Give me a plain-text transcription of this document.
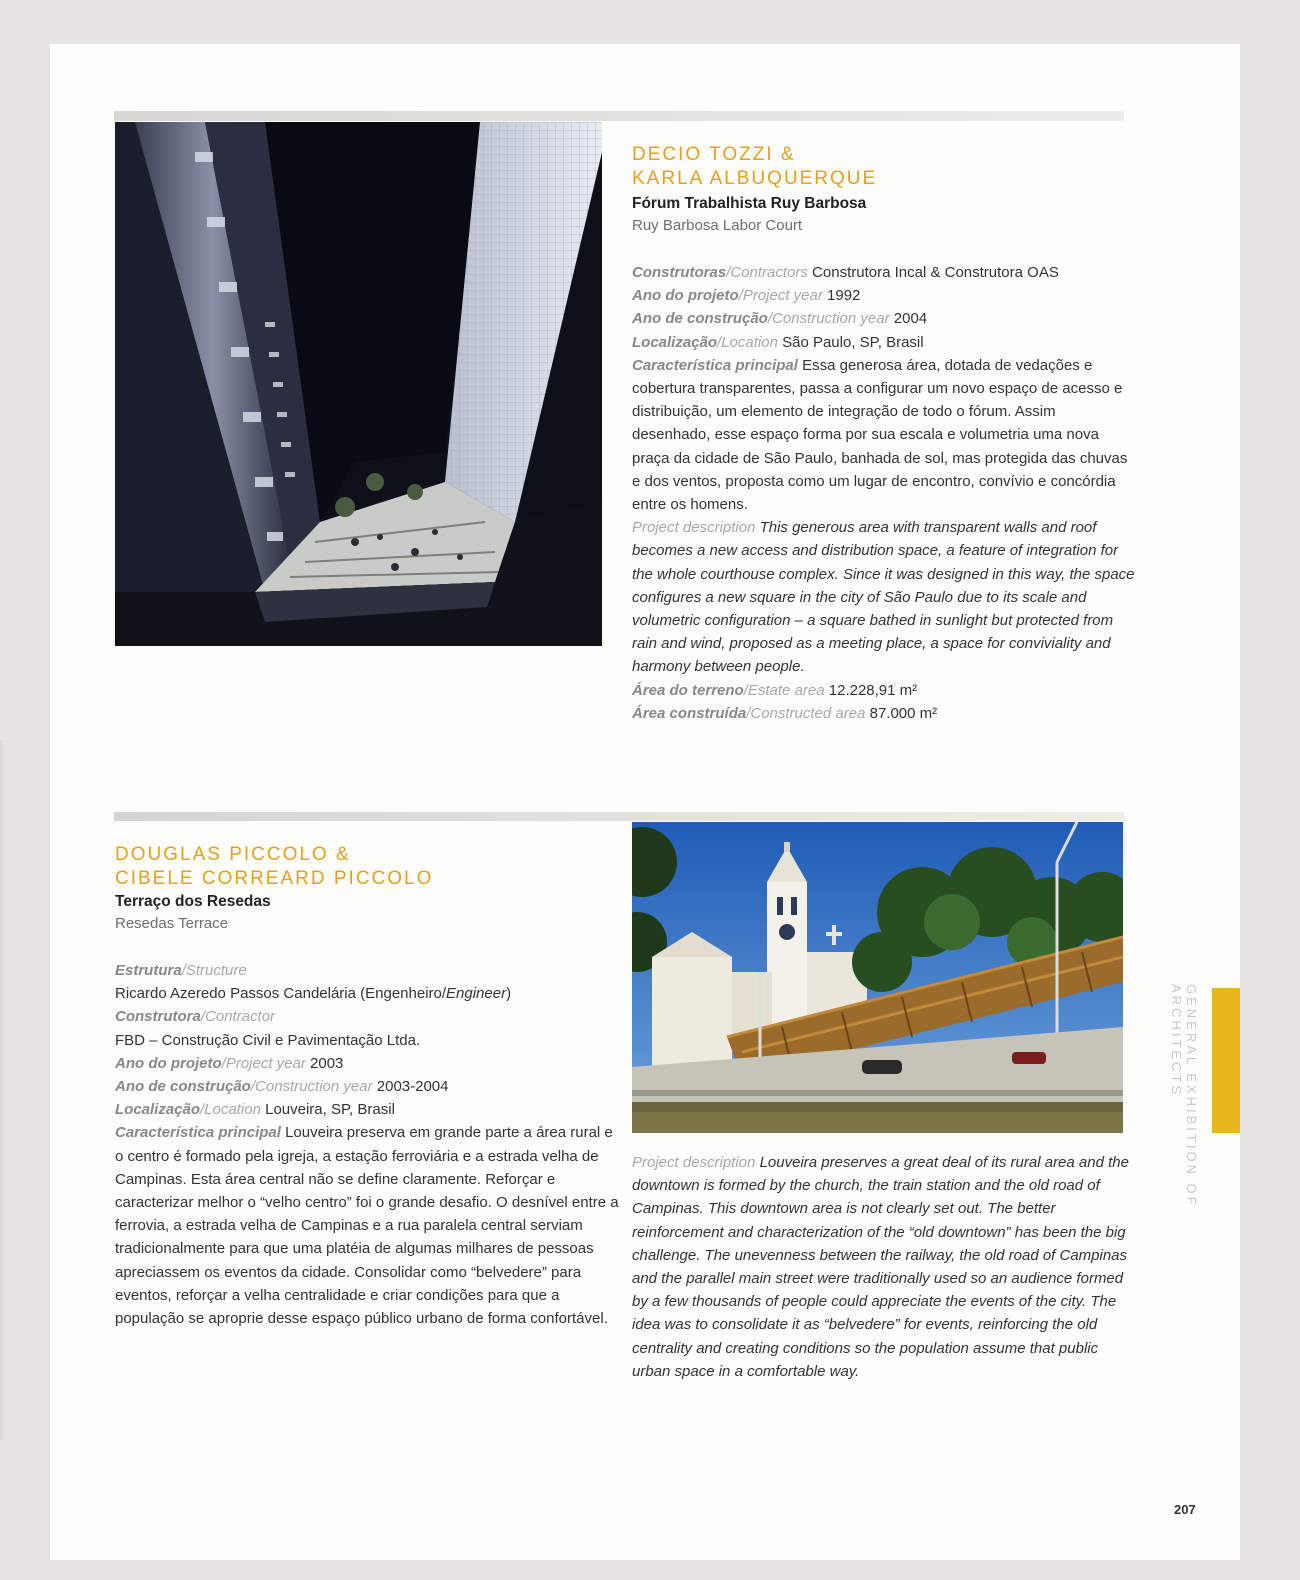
DECIO TOZZI &
KARLA ALBUQUERQUE
Fórum Trabalhista Ruy Barbosa
Ruy Barbosa Labor Court
Construtoras/Contractors Construtora Incal & Construtora OAS
Ano do projeto/Project year 1992
Ano de construção/Construction year 2004
Localização/Location São Paulo, SP, Brasil
Característica principal Essa generosa área, dotada de vedações e cobertura transparentes, passa a configurar um novo espaço de acesso e distribuição, um elemento de integração de todo o fórum. Assim desenhado, esse espaço forma por sua escala e volumetria uma nova praça da cidade de São Paulo, banhada de sol, mas protegida das chuvas e dos ventos, proposta como um lugar de encontro, convívio e concórdia entre os homens.
Project description This generous area with transparent walls and roof becomes a new access and distribution space, a feature of integration for the whole courthouse complex. Since it was designed in this way, the space configures a new square in the city of São Paulo due to its scale and volumetric configuration – a square bathed in sunlight but protected from rain and wind, proposed as a meeting place, a space for conviviality and harmony between people.
Área do terreno/Estate area 12.228,91 m²
Área construída/Constructed area 87.000 m²
DOUGLAS PICCOLO &
CIBELE CORREARD PICCOLO
Terraço dos Resedas
Resedas Terrace
Estrutura/Structure
Ricardo Azeredo Passos Candelária (Engenheiro/Engineer)
Construtora/Contractor
FBD – Construção Civil e Pavimentação Ltda.
Ano do projeto/Project year 2003
Ano de construção/Construction year 2003-2004
Localização/Location Louveira, SP, Brasil
Característica principal Louveira preserva em grande parte a área rural e o centro é formado pela igreja, a estação ferroviária e a estrada velha de Campinas. Esta área central não se define claramente. Reforçar e caracterizar melhor o “velho centro” foi o grande desafio. O desnível entre a ferrovia, a estrada velha de Campinas e a rua paralela central serviam tradicionalmente para que uma platéia de algumas milhares de pessoas apreciassem os eventos da cidade. Consolidar como “belvedere” para eventos, reforçar a velha centralidade e criar condições para que a população se aproprie desse espaço público urbano de forma confortável.
Project description Louveira preserves a great deal of its rural area and the downtown is formed by the church, the train station and the old road of Campinas. This downtown area is not clearly set out. The better reinforcement and characterization of the “old downtown” has been the big challenge. The unevenness between the railway, the old road of Campinas and the parallel main street were traditionally used so an audience formed by a few thousands of people could appreciate the events of the city. The idea was to consolidate it as “belvedere” for events, reinforcing the old centrality and creating conditions so the population assume that public urban space in a comfortable way.
GENERAL EXHIBITION OF ARCHITECTS
207
